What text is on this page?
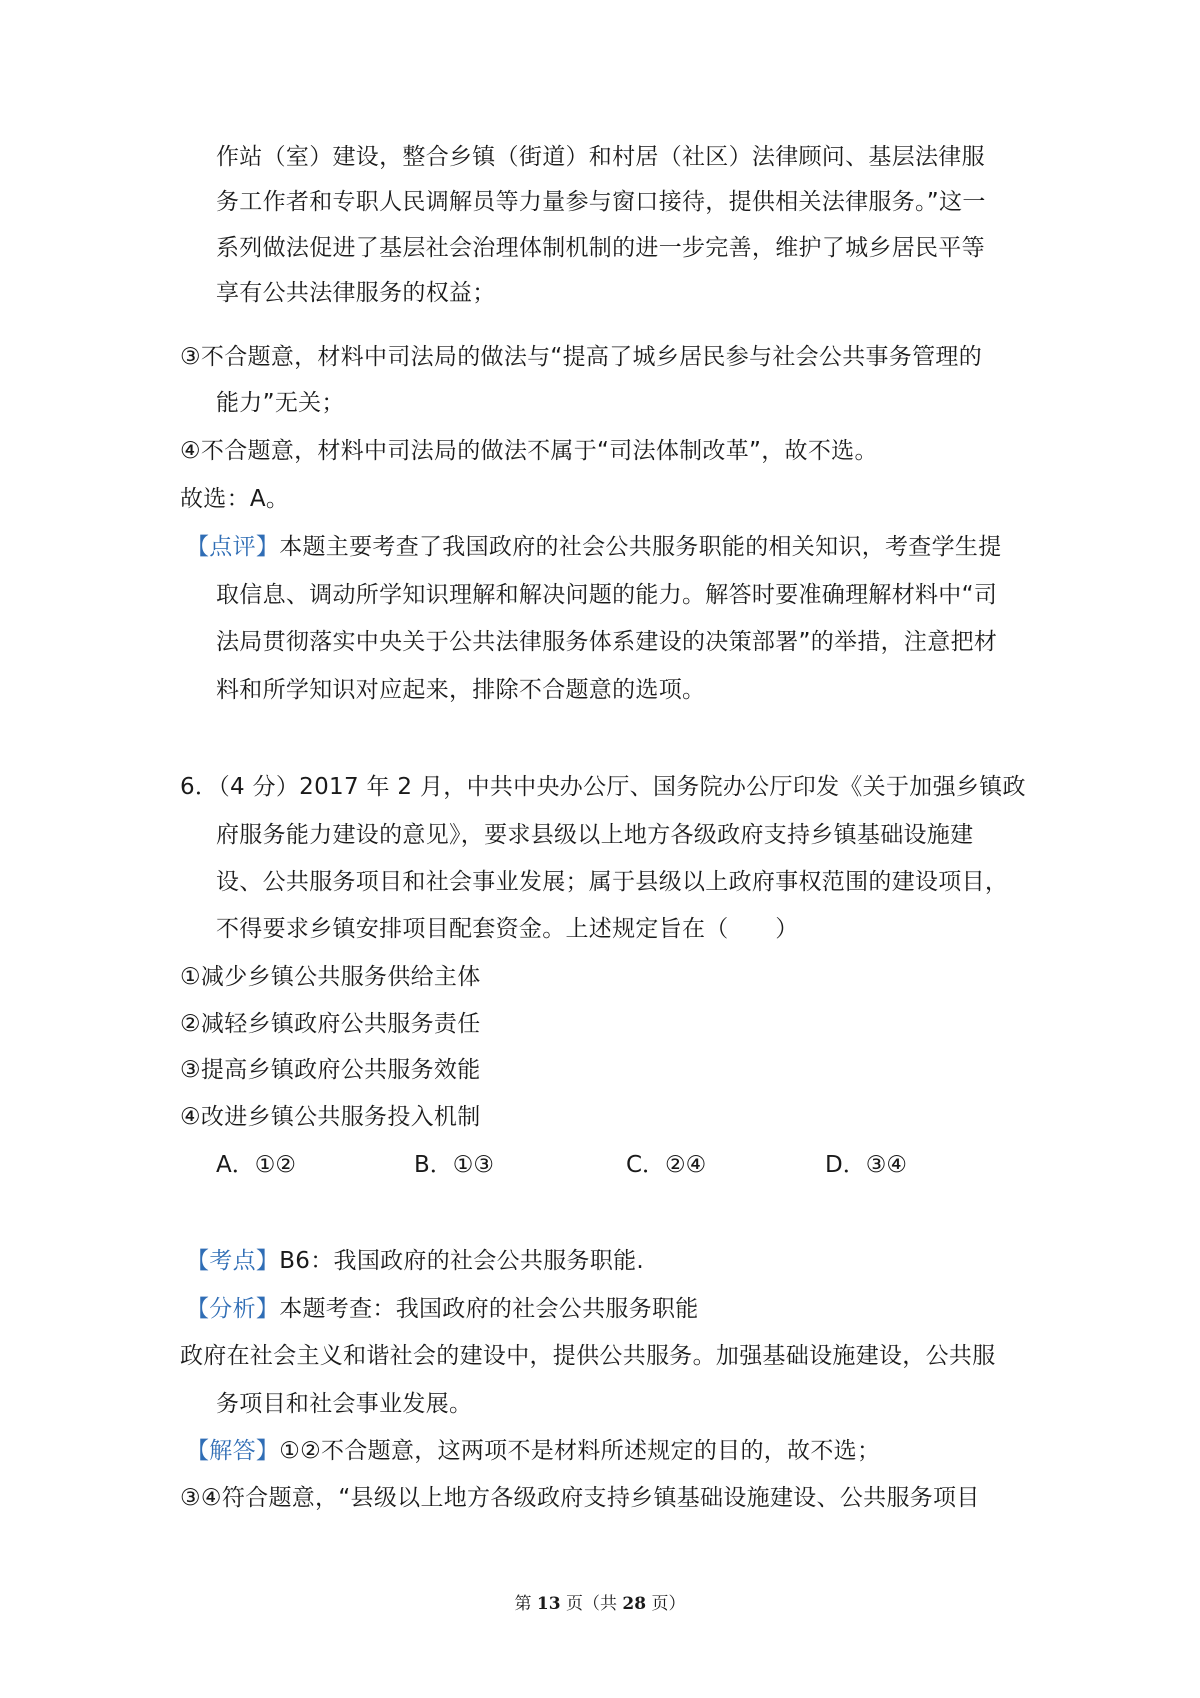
作站（室）建设，整合乡镇（街道）和村居（社区）法律顾问、基层法律服
务工作者和专职人民调解员等力量参与窗口接待，提供相关法律服务。”这一
系列做法促进了基层社会治理体制机制的进一步完善，维护了城乡居民平等
享有公共法律服务的权益；
③不合题意，材料中司法局的做法与“提高了城乡居民参与社会公共事务管理的
能力”无关；
④不合题意，材料中司法局的做法不属于“司法体制改革”，故不选。
故选：A。
【点评】本题主要考查了我国政府的社会公共服务职能的相关知识，考查学生提
取信息、调动所学知识理解和解决问题的能力。解答时要准确理解材料中“司
法局贯彻落实中央关于公共法律服务体系建设的决策部署”的举措，注意把材
料和所学知识对应起来，排除不合题意的选项。
6．（4 分）2017 年 2 月，中共中央办公厅、国务院办公厅印发《关于加强乡镇政
府服务能力建设的意见》，要求县级以上地方各级政府支持乡镇基础设施建
设、公共服务项目和社会事业发展；属于县级以上政府事权范围的建设项目，
不得要求乡镇安排项目配套资金。上述规定旨在（　　）
①减少乡镇公共服务供给主体
②减轻乡镇政府公共服务责任
③提高乡镇政府公共服务效能
④改进乡镇公共服务投入机制
A．①②	B．①③	C．②④	D．③④
【考点】B6：我国政府的社会公共服务职能.
【分析】本题考查：我国政府的社会公共服务职能
政府在社会主义和谐社会的建设中，提供公共服务。加强基础设施建设，公共服
务项目和社会事业发展。
【解答】①②不合题意，这两项不是材料所述规定的目的，故不选；
③④符合题意，“县级以上地方各级政府支持乡镇基础设施建设、公共服务项目
第 13 页（共 28 页）
